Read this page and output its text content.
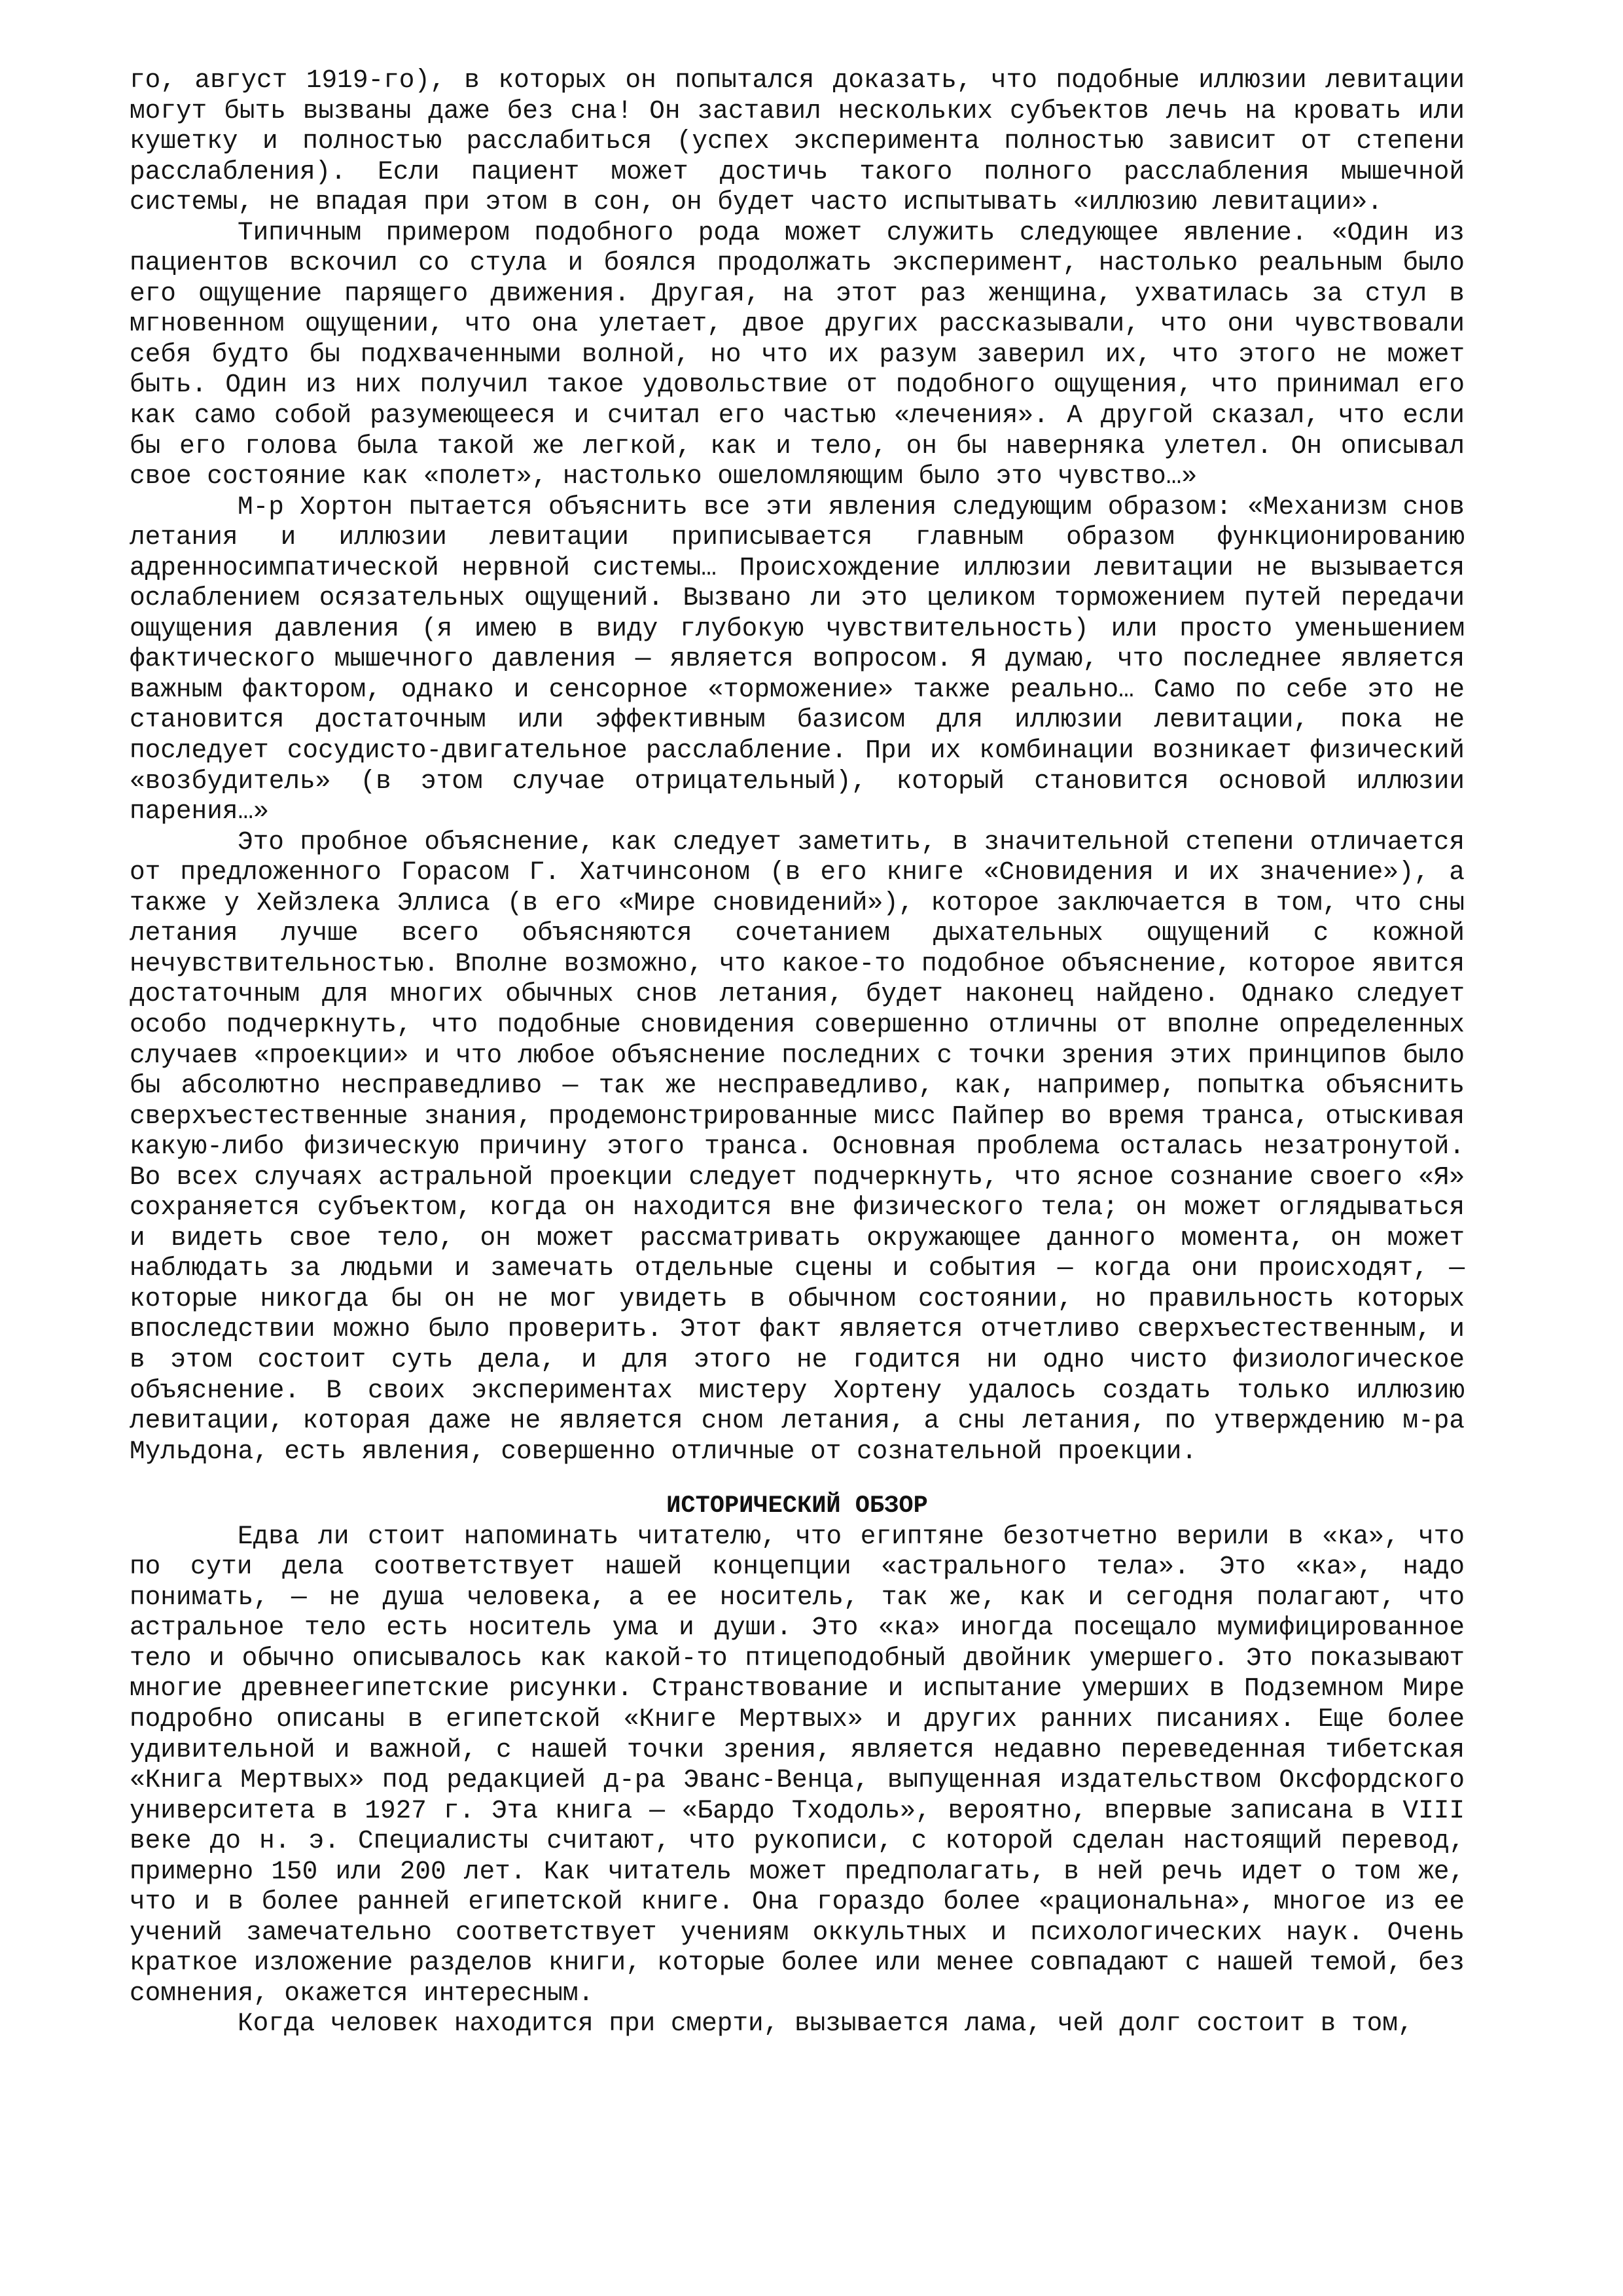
го, август 1919-го), в которых он попытался доказать, что подобные иллюзии левитации могут быть вызваны даже без сна! Он заставил нескольких субъектов лечь на кровать или кушетку и полностью расслабиться (успех эксперимента полностью зависит от степени расслабления). Если пациент может достичь такого полного расслабления мышечной системы, не впадая при этом в сон, он будет часто испытывать «иллюзию левитации».

Типичным примером подобного рода может служить следующее явление. «Один из пациентов вскочил со стула и боялся продолжать эксперимент, настолько реальным было его ощущение парящего движения. Другая, на этот раз женщина, ухватилась за стул в мгновенном ощущении, что она улетает, двое других рассказывали, что они чувствовали себя будто бы подхваченными волной, но что их разум заверил их, что этого не может быть. Один из них получил такое удовольствие от подобного ощущения, что принимал его как само собой разумеющееся и считал его частью «лечения». А другой сказал, что если бы его голова была такой же легкой, как и тело, он бы наверняка улетел. Он описывал свое состояние как «полет», настолько ошеломляющим было это чувство…»

М-р Хортон пытается объяснить все эти явления следующим образом: «Механизм снов летания и иллюзии левитации приписывается главным образом функционированию адренносимпатической нервной системы… Происхождение иллюзии левитации не вызывается ослаблением осязательных ощущений. Вызвано ли это целиком торможением путей передачи ощущения давления (я имею в виду глубокую чувствительность) или просто уменьшением фактического мышечного давления — является вопросом. Я думаю, что последнее является важным фактором, однако и сенсорное «торможение» также реально… Само по себе это не становится достаточным или эффективным базисом для иллюзии левитации, пока не последует сосудисто-двигательное расслабление. При их комбинации возникает физический «возбудитель» (в этом случае отрицательный), который становится основой иллюзии парения…»

Это пробное объяснение, как следует заметить, в значительной степени отличается от предложенного Горасом Г. Хатчинсоном (в его книге «Сновидения и их значение»), а также у Хейзлека Эллиса (в его «Мире сновидений»), которое заключается в том, что сны летания лучше всего объясняются сочетанием дыхательных ощущений с кожной нечувствительностью. Вполне возможно, что какое-то подобное объяснение, которое явится достаточным для многих обычных снов летания, будет наконец найдено. Однако следует особо подчеркнуть, что подобные сновидения совершенно отличны от вполне определенных случаев «проекции» и что любое объяснение последних с точки зрения этих принципов было бы абсолютно несправедливо — так же несправедливо, как, например, попытка объяснить сверхъестественные знания, продемонстрированные мисс Пайпер во время транса, отыскивая какую-либо физическую причину этого транса. Основная проблема осталась незатронутой. Во всех случаях астральной проекции следует подчеркнуть, что ясное сознание своего «Я» сохраняется субъектом, когда он находится вне физического тела; он может оглядываться и видеть свое тело, он может рассматривать окружающее данного момента, он может наблюдать за людьми и замечать отдельные сцены и события — когда они происходят, — которые никогда бы он не мог увидеть в обычном состоянии, но правильность которых впоследствии можно было проверить. Этот факт является отчетливо сверхъестественным, и в этом состоит суть дела, и для этого не годится ни одно чисто физиологическое объяснение. В своих экспериментах мистеру Хортену удалось создать только иллюзию левитации, которая даже не является сном летания, а сны летания, по утверждению м-ра Мульдона, есть явления, совершенно отличные от сознательной проекции.

ИСТОРИЧЕСКИЙ ОБЗОР

Едва ли стоит напоминать читателю, что египтяне безотчетно верили в «ка», что по сути дела соответствует нашей концепции «астрального тела». Это «ка», надо понимать, — не душа человека, а ее носитель, так же, как и сегодня полагают, что астральное тело есть носитель ума и души. Это «ка» иногда посещало мумифицированное тело и обычно описывалось как какой-то птицеподобный двойник умершего. Это показывают многие древнеегипетские рисунки. Странствование и испытание умерших в Подземном Мире подробно описаны в египетской «Книге Мертвых» и других ранних писаниях. Еще более удивительной и важной, с нашей точки зрения, является недавно переведенная тибетская «Книга Мертвых» под редакцией д-ра Эванс-Венца, выпущенная издательством Оксфордского университета в 1927 г. Эта книга — «Бардо Тходоль», вероятно, впервые записана в VIII веке до н. э. Специалисты считают, что рукописи, с которой сделан настоящий перевод, примерно 150 или 200 лет. Как читатель может предполагать, в ней речь идет о том же, что и в более ранней египетской книге. Она гораздо более «рациональна», многое из ее учений замечательно соответствует учениям оккультных и психологических наук. Очень краткое изложение разделов книги, которые более или менее совпадают с нашей темой, без сомнения, окажется интересным.

Когда человек находится при смерти, вызывается лама, чей долг состоит в том,
